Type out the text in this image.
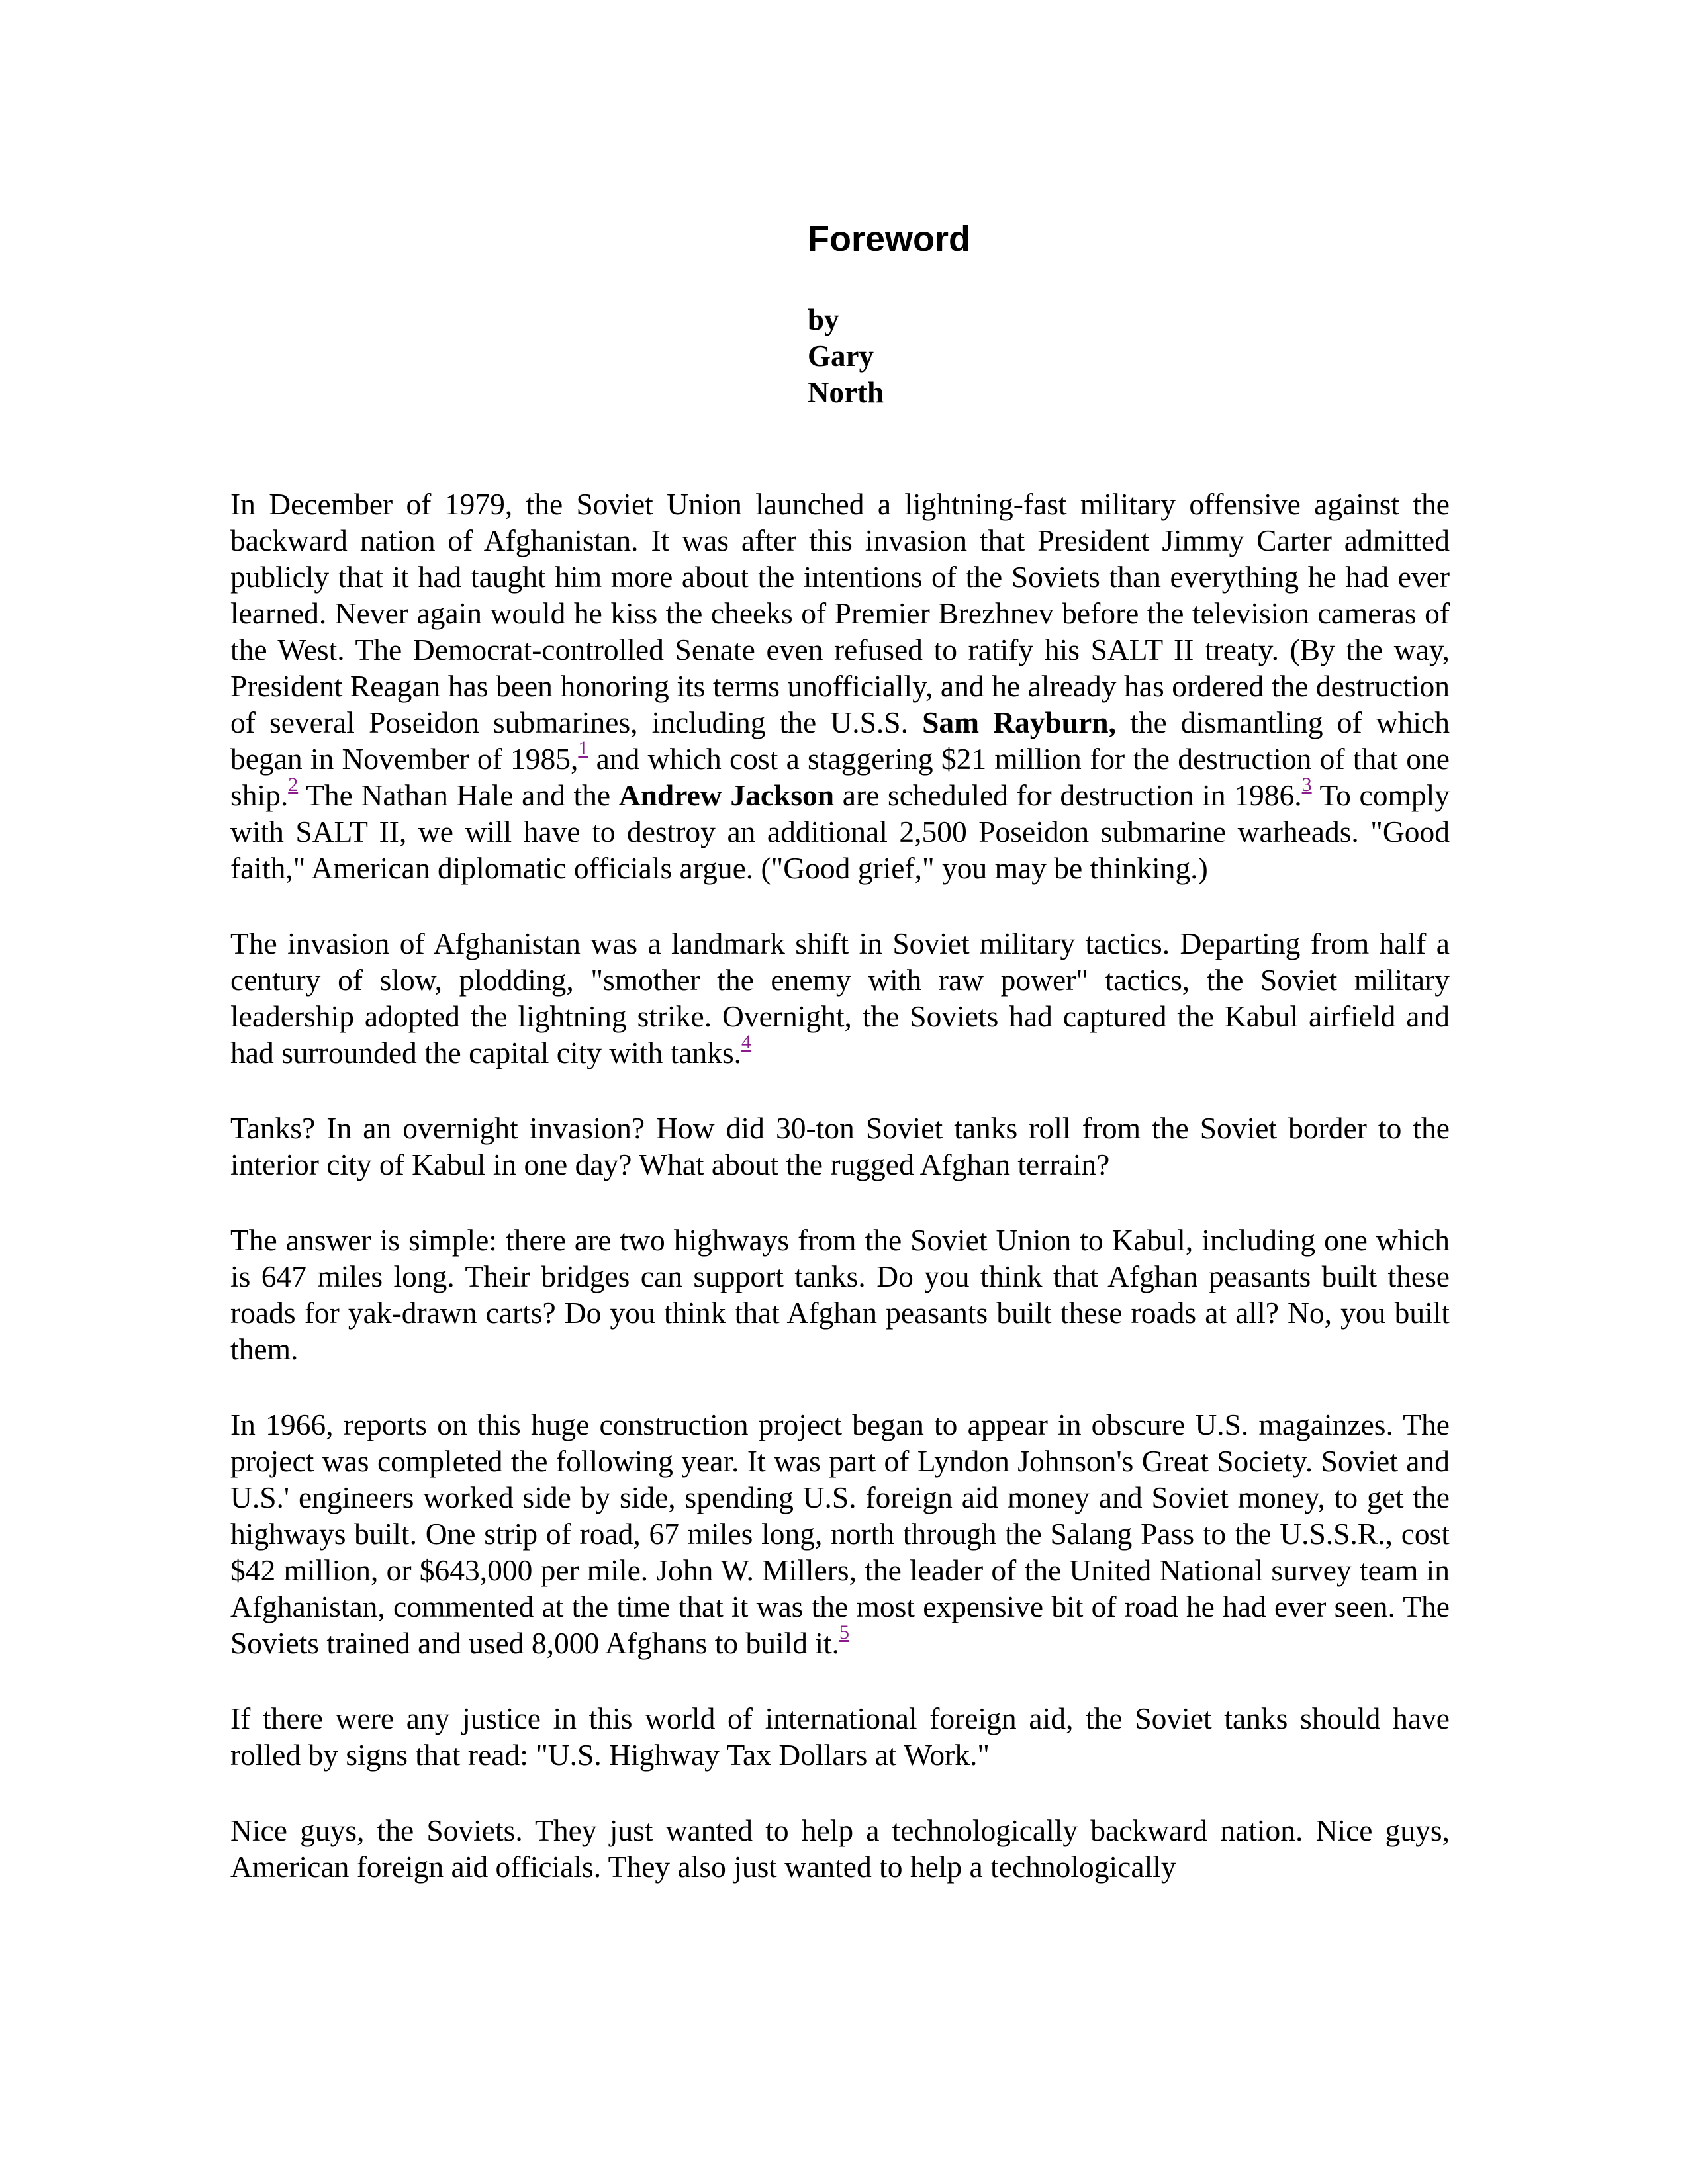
Foreword
by
Gary
North

In December of 1979, the Soviet Union launched a lightning-fast military offensive against the backward nation of Afghanistan. It was after this invasion that President Jimmy Carter admitted publicly that it had taught him more about the intentions of the Soviets than everything he had ever learned. Never again would he kiss the cheeks of Premier Brezhnev before the television cameras of the West. The Democrat-controlled Senate even refused to ratify his SALT II treaty. (By the way, President Reagan has been honoring its terms unofficially, and he already has ordered the destruction of several Poseidon submarines, including the U.S.S. Sam Rayburn, the dismantling of which began in November of 1985,$^1$ and which cost a staggering $21 million for the destruction of that one ship.$^2$ The Nathan Hale and the Andrew Jackson are scheduled for destruction in 1986.$^3$ To comply with SALT II, we will have to destroy an additional 2,500 Poseidon submarine warheads. "Good faith," American diplomatic officials argue. ("Good grief," you may be thinking.)

The invasion of Afghanistan was a landmark shift in Soviet military tactics. Departing from half a century of slow, plodding, "smother the enemy with raw power" tactics, the Soviet military leadership adopted the lightning strike. Overnight, the Soviets had captured the Kabul airfield and had surrounded the capital city with tanks.$^4$

Tanks? In an overnight invasion? How did 30-ton Soviet tanks roll from the Soviet border to the interior city of Kabul in one day? What about the rugged Afghan terrain?

The answer is simple: there are two highways from the Soviet Union to Kabul, including one which is 647 miles long. Their bridges can support tanks. Do you think that Afghan peasants built these roads for yak-drawn carts? Do you think that Afghan peasants built these roads at all? No, you built them.

In 1966, reports on this huge construction project began to appear in obscure U.S. magainzes. The project was completed the following year. It was part of Lyndon Johnson's Great Society. Soviet and U.S.' engineers worked side by side, spending U.S. foreign aid money and Soviet money, to get the highways built. One strip of road, 67 miles long, north through the Salang Pass to the U.S.S.R., cost $42 million, or $643,000 per mile. John W. Millers, the leader of the United National survey team in Afghanistan, commented at the time that it was the most expensive bit of road he had ever seen. The Soviets trained and used 8,000 Afghans to build it.$^5$

If there were any justice in this world of international foreign aid, the Soviet tanks should have rolled by signs that read: "U.S. Highway Tax Dollars at Work."

Nice guys, the Soviets. They just wanted to help a technologically backward nation. Nice guys, American foreign aid officials. They also just wanted to help a technologically
